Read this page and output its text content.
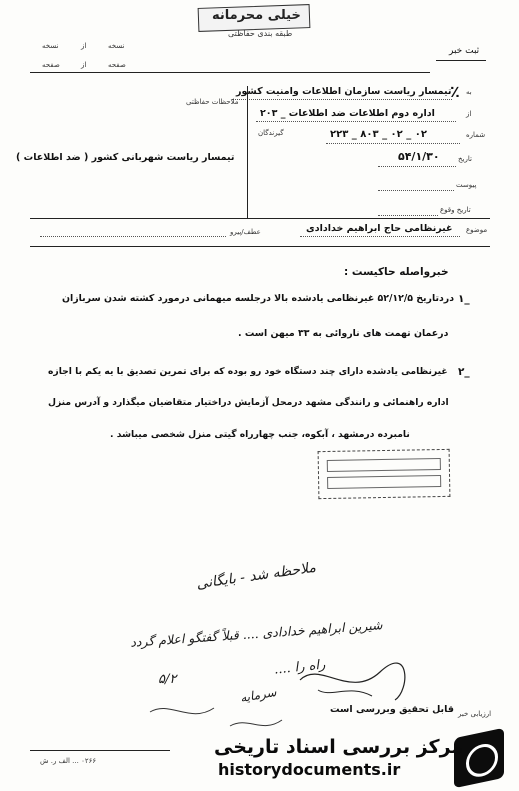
خیلی محرمانه
طبقه بندی حفاظتی
نسخه
از
نسخه
صفحه
از
صفحه
ثبت خبر
به
٪
تیمسار ریاست سازمان اطلاعات وامنیت کشور
ملاحظات حفاظتی
از
اداره دوم اطلاعات ضد اطلاعات _ ۲۰۳
شماره
۲۲۳ _ ۸۰۳ _ ۰۲ _ ۰۲
گیرندگان
تیمسار ریاست شهربانی کشور ( ضد اطلاعات )	تاریخ
۵۴/۱/۳۰
پیوست
تاریخ وقوع
موضوع
غیرنظامی حاج ابراهیم خدادادی
عطف/پیرو
خبرواصله حاکیست :
۱_
دردتاریخ ۵۲/۱۲/۵ غیرنظامی یادشده بالا درجلسه میهمانی درمورد کشته شدن سربازان
درعمان تهمت های ناروائی به ۳۳ میهن است .
۲_
غیرنظامی یادشده دارای چند دستگاه خود رو بوده که برای تمرین تصدیق با یه یکم با اجازه
اداره راهنمائی و رانندگی مشهد درمحل آزمایش دراختیار متقاضیان میگذارد و آدرس منزل
نامبرده درمشهد ، آبکوه، جنب چهارراه گیتی منزل شخصی میباشد .
ملاحظه شد - بایگانی
شیرین ابراهیم خدادادی .... قبلاً گفتگو اعلام گردد
راه را ....
سرمایه
۵/۲
ارزیابی خبر
قابل تحقیق وبررسی است
۰۲۶۶ ... الف ر. ش
مرکز بررسی اسناد تاریخی
historydocuments.ir
